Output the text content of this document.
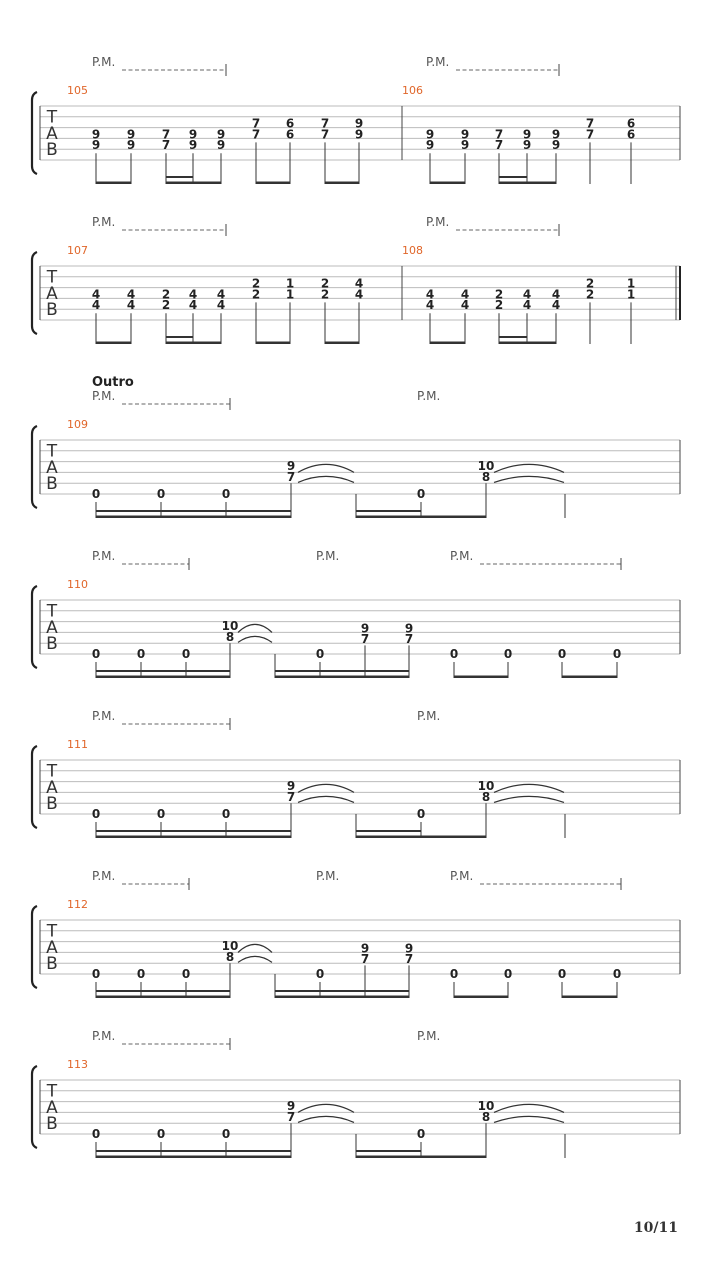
T
A
B
105
P.M.
9
9
9
9
7
7
9
9
9
9
7
7
6
6
7
7
9
9
106
P.M.
9
9
9
9
7
7
9
9
9
9
7
7
6
6
T
A
B
107
P.M.
4
4
4
4
2
2
4
4
4
4
2
2
1
1
2
2
4
4
108
P.M.
4
4
4
4
2
2
4
4
4
4
2
2
1
1
T
A
B
109
Outro
P.M.	P.M.
0	0	0
9
7
0
10
8
T
A
B
110
P.M.	P.M.	P.M.
0	0	0
10
8
0
9
7
9
7
0	0	0	0
T
A
B
111
P.M.	P.M.
0	0	0
9
7
0
10
8
T
A
B
112
P.M.	P.M.	P.M.
0	0	0
10
8
0
9
7
9
7
0	0	0	0
T
A
B
113
P.M.	P.M.
0	0	0
9
7
0
10
8
10/11
